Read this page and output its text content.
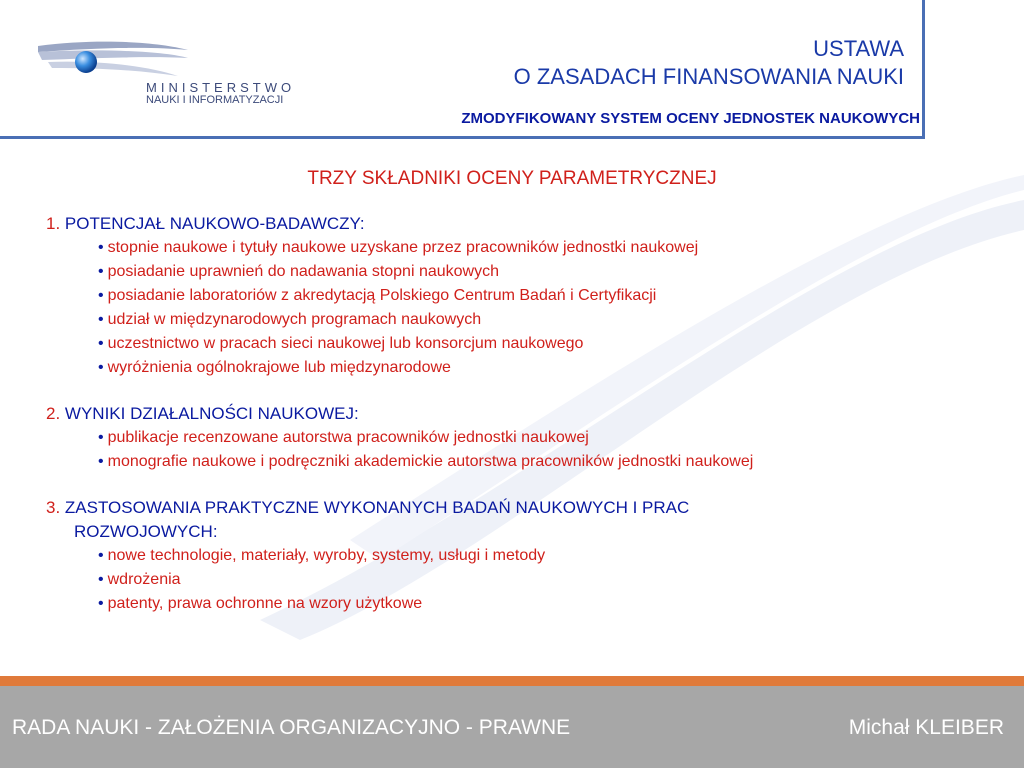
MINISTERSTWO
NAUKI I INFORMATYZACJI
USTAWA
O ZASADACH FINANSOWANIA NAUKI
ZMODYFIKOWANY SYSTEM OCENY JEDNOSTEK NAUKOWYCH
TRZY SKŁADNIKI OCENY PARAMETRYCZNEJ
1. POTENCJAŁ NAUKOWO-BADAWCZY:
• stopnie naukowe i tytuły naukowe uzyskane przez pracowników jednostki naukowej
• posiadanie uprawnień do nadawania stopni naukowych
• posiadanie laboratoriów z akredytacją Polskiego Centrum Badań i Certyfikacji
• udział w międzynarodowych programach naukowych
• uczestnictwo w pracach sieci naukowej lub konsorcjum naukowego
• wyróżnienia ogólnokrajowe lub międzynarodowe
2. WYNIKI DZIAŁALNOŚCI NAUKOWEJ:
• publikacje recenzowane autorstwa pracowników jednostki naukowej
• monografie naukowe i podręczniki akademickie autorstwa pracowników jednostki naukowej
3. ZASTOSOWANIA PRAKTYCZNE WYKONANYCH BADAŃ NAUKOWYCH I PRAC
ROZWOJOWYCH:
• nowe technologie, materiały, wyroby, systemy, usługi i metody
• wdrożenia
• patenty, prawa ochronne na wzory użytkowe
RADA NAUKI - ZAŁOŻENIA ORGANIZACYJNO - PRAWNE	Michał KLEIBER
